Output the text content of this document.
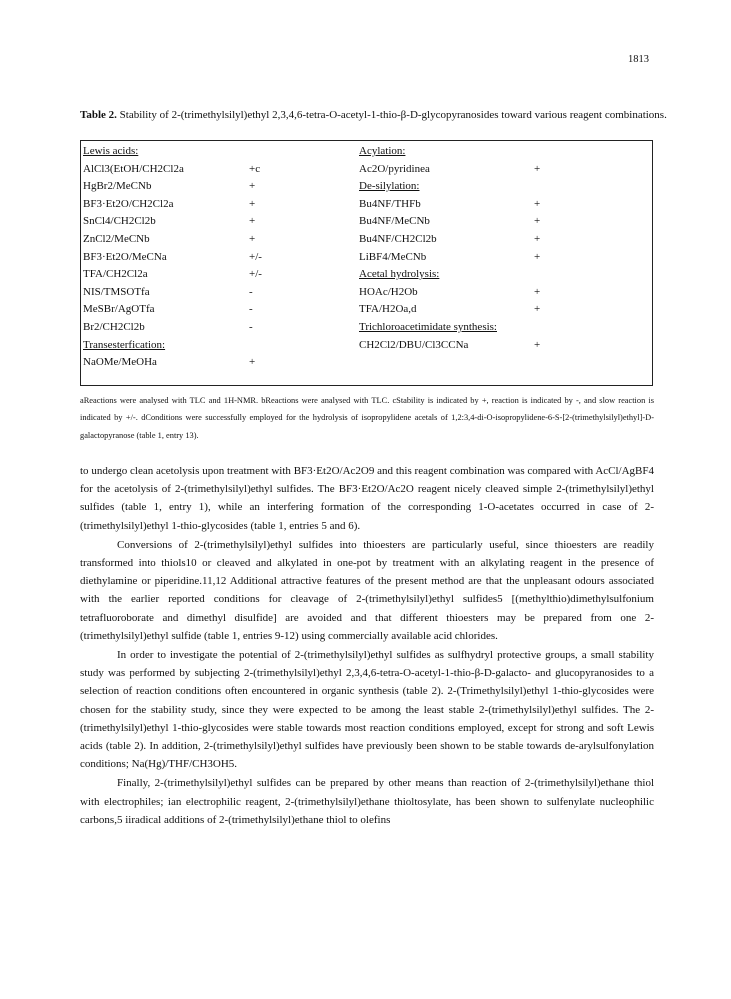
1813
Table 2. Stability of 2-(trimethylsilyl)ethyl 2,3,4,6-tetra-O-acetyl-1-thio-β-D-glycopyranosides toward various reagent combinations.
Lewis acids:
AlCl3(EtOH/CH2Cl2a
HgBr2/MeCNb
BF3·Et2O/CH2Cl2a
SnCl4/CH2Cl2b
ZnCl2/MeCNb
BF3·Et2O/MeCNa
TFA/CH2Cl2a
NIS/TMSOTfa
MeSBr/AgOTfa
Br2/CH2Cl2b
Transesterfication:
NaOMe/MeOHa
+c
+
+
+
+
+/-
+/-
-
-
-
+
Acylation:
Ac2O/pyridinea
De-silylation:
Bu4NF/THFb
Bu4NF/MeCNb
Bu4NF/CH2Cl2b
LiBF4/MeCNb
Acetal hydrolysis:
HOAc/H2Ob
TFA/H2Oa,d
Trichloroacetimidate synthesis:
CH2Cl2/DBU/Cl3CCNa
+
+
+
+
+
+
+
+
aReactions were analysed with TLC and 1H-NMR. bReactions were analysed with TLC. cStability is indicated by +, reaction is indicated by -, and slow reaction is indicated by +/-. dConditions were successfully employed for the hydrolysis of isopropylidene acetals of 1,2:3,4-di-O-isopropylidene-6-S-[2-(trimethylsilyl)ethyl]-D-galactopyranose (table 1, entry 13).

to undergo clean acetolysis upon treatment with BF3·Et2O/Ac2O9 and this reagent combination was compared with AcCl/AgBF4 for the acetolysis of 2-(trimethylsilyl)ethyl sulfides. The BF3·Et2O/Ac2O reagent nicely cleaved simple 2-(trimethylsilyl)ethyl sulfides (table 1, entry 1), while an interfering formation of the corresponding 1-O-acetates occurred in case of 2-(trimethylsilyl)ethyl 1-thio-glycosides (table 1, entries 5 and 6).

Conversions of 2-(trimethylsilyl)ethyl sulfides into thioesters are particularly useful, since thioesters are readily transformed into thiols10 or cleaved and alkylated in one-pot by treatment with an alkylating reagent in the presence of diethylamine or piperidine.11,12 Additional attractive features of the present method are that the unpleasant odours associated with the earlier reported conditions for cleavage of 2-(trimethylsilyl)ethyl sulfides5 [(methylthio)dimethylsulfonium tetrafluoroborate and dimethyl disulfide] are avoided and that different thioesters may be prepared from one 2-(trimethylsilyl)ethyl sulfide (table 1, entries 9-12) using commercially available acid chlorides.

In order to investigate the potential of 2-(trimethylsilyl)ethyl sulfides as sulfhydryl protective groups, a small stability study was performed by subjecting 2-(trimethylsilyl)ethyl 2,3,4,6-tetra-O-acetyl-1-thio-β-D-galacto- and glucopyranosides to a selection of reaction conditions often encountered in organic synthesis (table 2). 2-(Trimethylsilyl)ethyl 1-thio-glycosides were chosen for the stability study, since they were expected to be among the least stable 2-(trimethylsilyl)ethyl sulfides. The 2-(trimethylsilyl)ethyl 1-thio-glycosides were stable towards most reaction conditions employed, except for strong and soft Lewis acids (table 2). In addition, 2-(trimethylsilyl)ethyl sulfides have previously been shown to be stable towards de-arylsulfonylation conditions; Na(Hg)/THF/CH3OH5.

Finally, 2-(trimethylsilyl)ethyl sulfides can be prepared by other means than reaction of 2-(trimethylsilyl)ethane thiol with electrophiles; ian electrophilic reagent, 2-(trimethylsilyl)ethane thioltosylate, has been shown to sulfenylate nucleophilic carbons,5 iiradical additions of 2-(trimethylsilyl)ethane thiol to olefins
